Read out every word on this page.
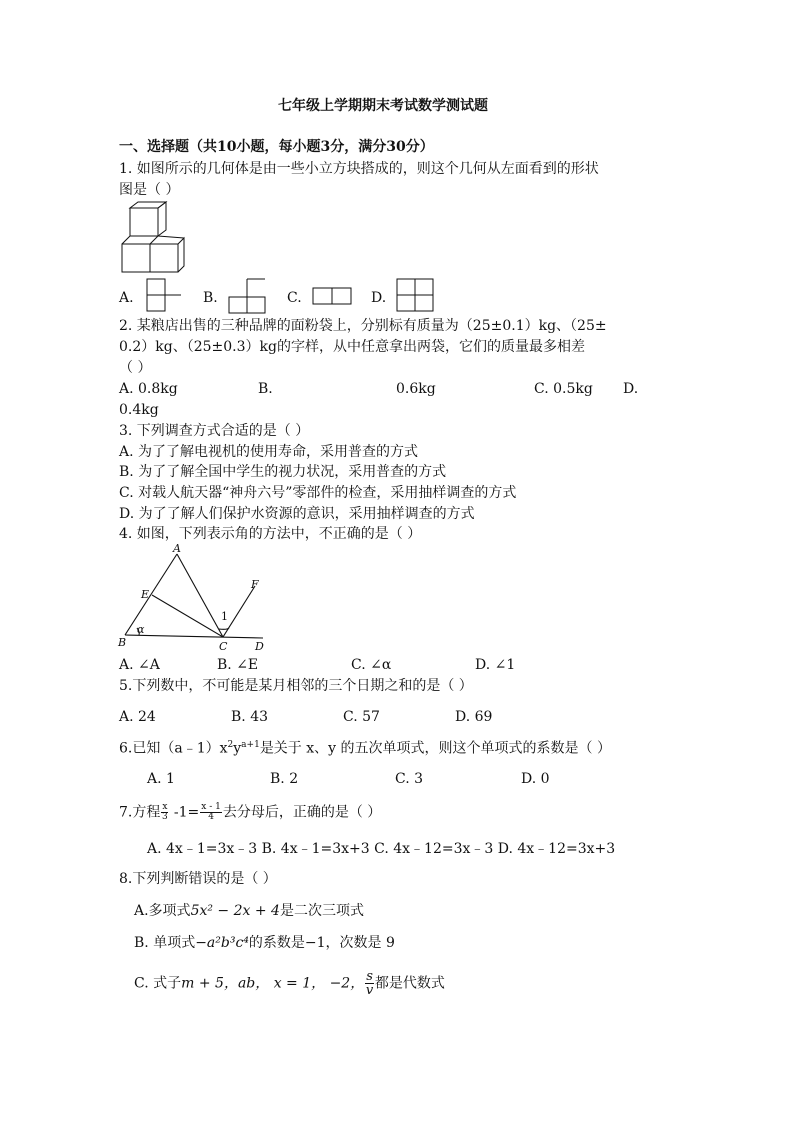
七年级上学期期末考试数学测试题
一、选择题（共10小题，每小题3分，满分30分）
1. 如图所示的几何体是由一些小立方块搭成的，则这个几何从左面看到的形状
图是（ ）
A.	B.	C.	D.
2. 某粮店出售的三种品牌的面粉袋上，分别标有质量为（25±0.1）kg、（25±
0.2）kg、（25±0.3）kg的字样，从中任意拿出两袋，它们的质量最多相差
（ ）
A. 0.8kg	B.	0.6kg	C. 0.5kg D.
0.4kg
3. 下列调查方式合适的是（ ）
A. 为了了解电视机的使用寿命，采用普查的方式
B. 为了了解全国中学生的视力状况，采用普查的方式
C. 对载人航天器“神舟六号”零部件的检查，采用抽样调查的方式
D. 为了了解人们保护水资源的意识，采用抽样调查的方式
4. 如图，下列表示角的方法中，不正确的是（ ）
A
E
F
1
B
α
C	D
A. ∠A	B. ∠E	C. ∠α	D. ∠1
5.下列数中，不可能是某月相邻的三个日期之和的是（ ）
A. 24	B. 43	C. 57	D. 69
6.已知$(a﹣1)x^2y^{a+1}$是关于 x、y 的五次单项式，则这个单项式的系数是（ ）
A. 1	B. 2	C. 3	D. 0
7.方程 $\frac{x}{3} -1= \frac{x - 1}{4}$ 去分母后，正确的是（ ）
A. 4x﹣1=3x﹣3 B. 4x﹣1=3x+3 C. 4x﹣12=3x﹣3 D. 4x﹣12=3x+3
8.下列判断错误的是（ ）
A.多项式5x² − 2x + 4是二次三项式
B. 单项式−a²b³c⁴的系数是−1，次数是 9
C. 式子m + 5，ab， x = 1， −2， $\frac{s}{v}$ 都是代数式
